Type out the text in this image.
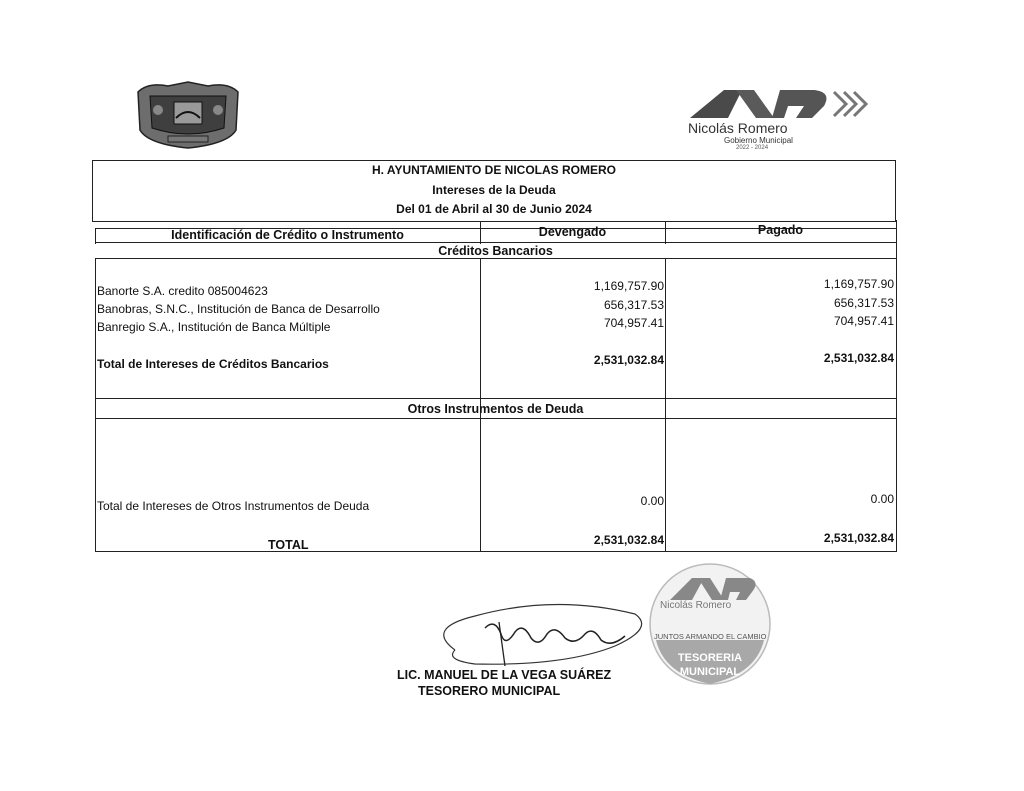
Nicolás Romero
Gobierno Municipal
2022 - 2024
H. AYUNTAMIENTO DE NICOLAS ROMERO
Intereses de la Deuda
Del 01 de Abril al 30 de Junio 2024
Identificación de Crédito o Instrumento	Devengado	Pagado
Créditos Bancarios
Banorte S.A. credito 085004623	1,169,757.90	1,169,757.90
Banobras, S.N.C., Institución de Banca de Desarrollo	656,317.53	656,317.53
Banregio S.A., Institución de Banca Múltiple	704,957.41	704,957.41
Total de Intereses de Créditos Bancarios	2,531,032.84	2,531,032.84
Otros Instrumentos de Deuda
Total de Intereses de Otros Instrumentos de Deuda	0.00	0.00
TOTAL	2,531,032.84	2,531,032.84
LIC. MANUEL DE LA VEGA SUÁREZ
TESORERO MUNICIPAL
Nicolás Romero
JUNTOS ARMANDO EL CAMBIO
TESORERIA
MUNICIPAL
